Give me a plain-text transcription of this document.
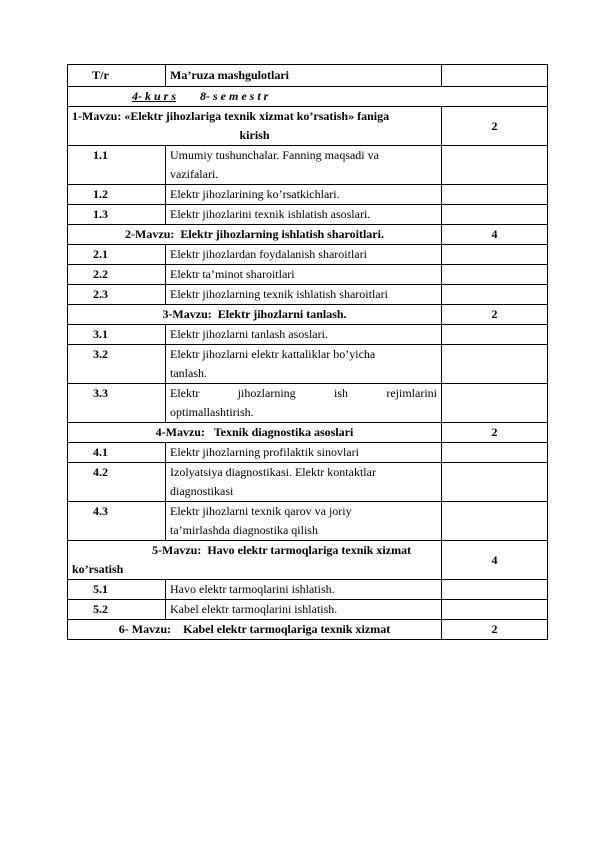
T/r	Ma’ruza mashgulotlari	
4- k u r s 8- s e m e s t r		

1-Mavzu: «Elektr jihozlariga texnik xizmat ko’rsatish» faniga
kirish		2
1.1	Umumiy tushunchalar. Fanning maqsadi va
vazifalari.	

1.2	Elektr jihozlarining ko’rsatkichlari.	

1.3	Elektr jihozlarini texnik ishlatish asoslari.	

2-Mavzu:  Elektr jihozlarning ishlatish sharoitlari.		4
2.1	Elektr jihozlardan foydalanish sharoitlari	

2.2	Elektr ta’minot sharoitlari	

2.3	Elektr jihozlarning texnik ishlatish sharoitlari	

3-Mavzu:  Elektr jihozlarni tanlash.		2
3.1	Elektr jihozlarni tanlash asoslari.	

3.2	Elektr jihozlarni elektr kattaliklar bo’yicha
tanlash.	

3.3	Elektr jihozlarning ish rejimlarini
optimallashtirish.	

4-Mavzu:   Texnik diagnostika asoslari		2
4.1	Elektr jihozlarning profilaktik sinovlari	

4.2	Izolyatsiya diagnostikasi. Elektr kontaktlar
diagnostikasi	

4.3	Elektr jihozlarni texnik qarov va joriy
ta’mirlashda diagnostika qilish	

5-Mavzu:  Havo elektr tarmoqlariga texnik xizmat
ko’rsatish		4
5.1	Havo elektr tarmoqlarini ishlatish.	

5.2	Kabel elektr tarmoqlarini ishlatish.	

6- Mavzu:    Kabel elektr tarmoqlariga texnik xizmat		2
